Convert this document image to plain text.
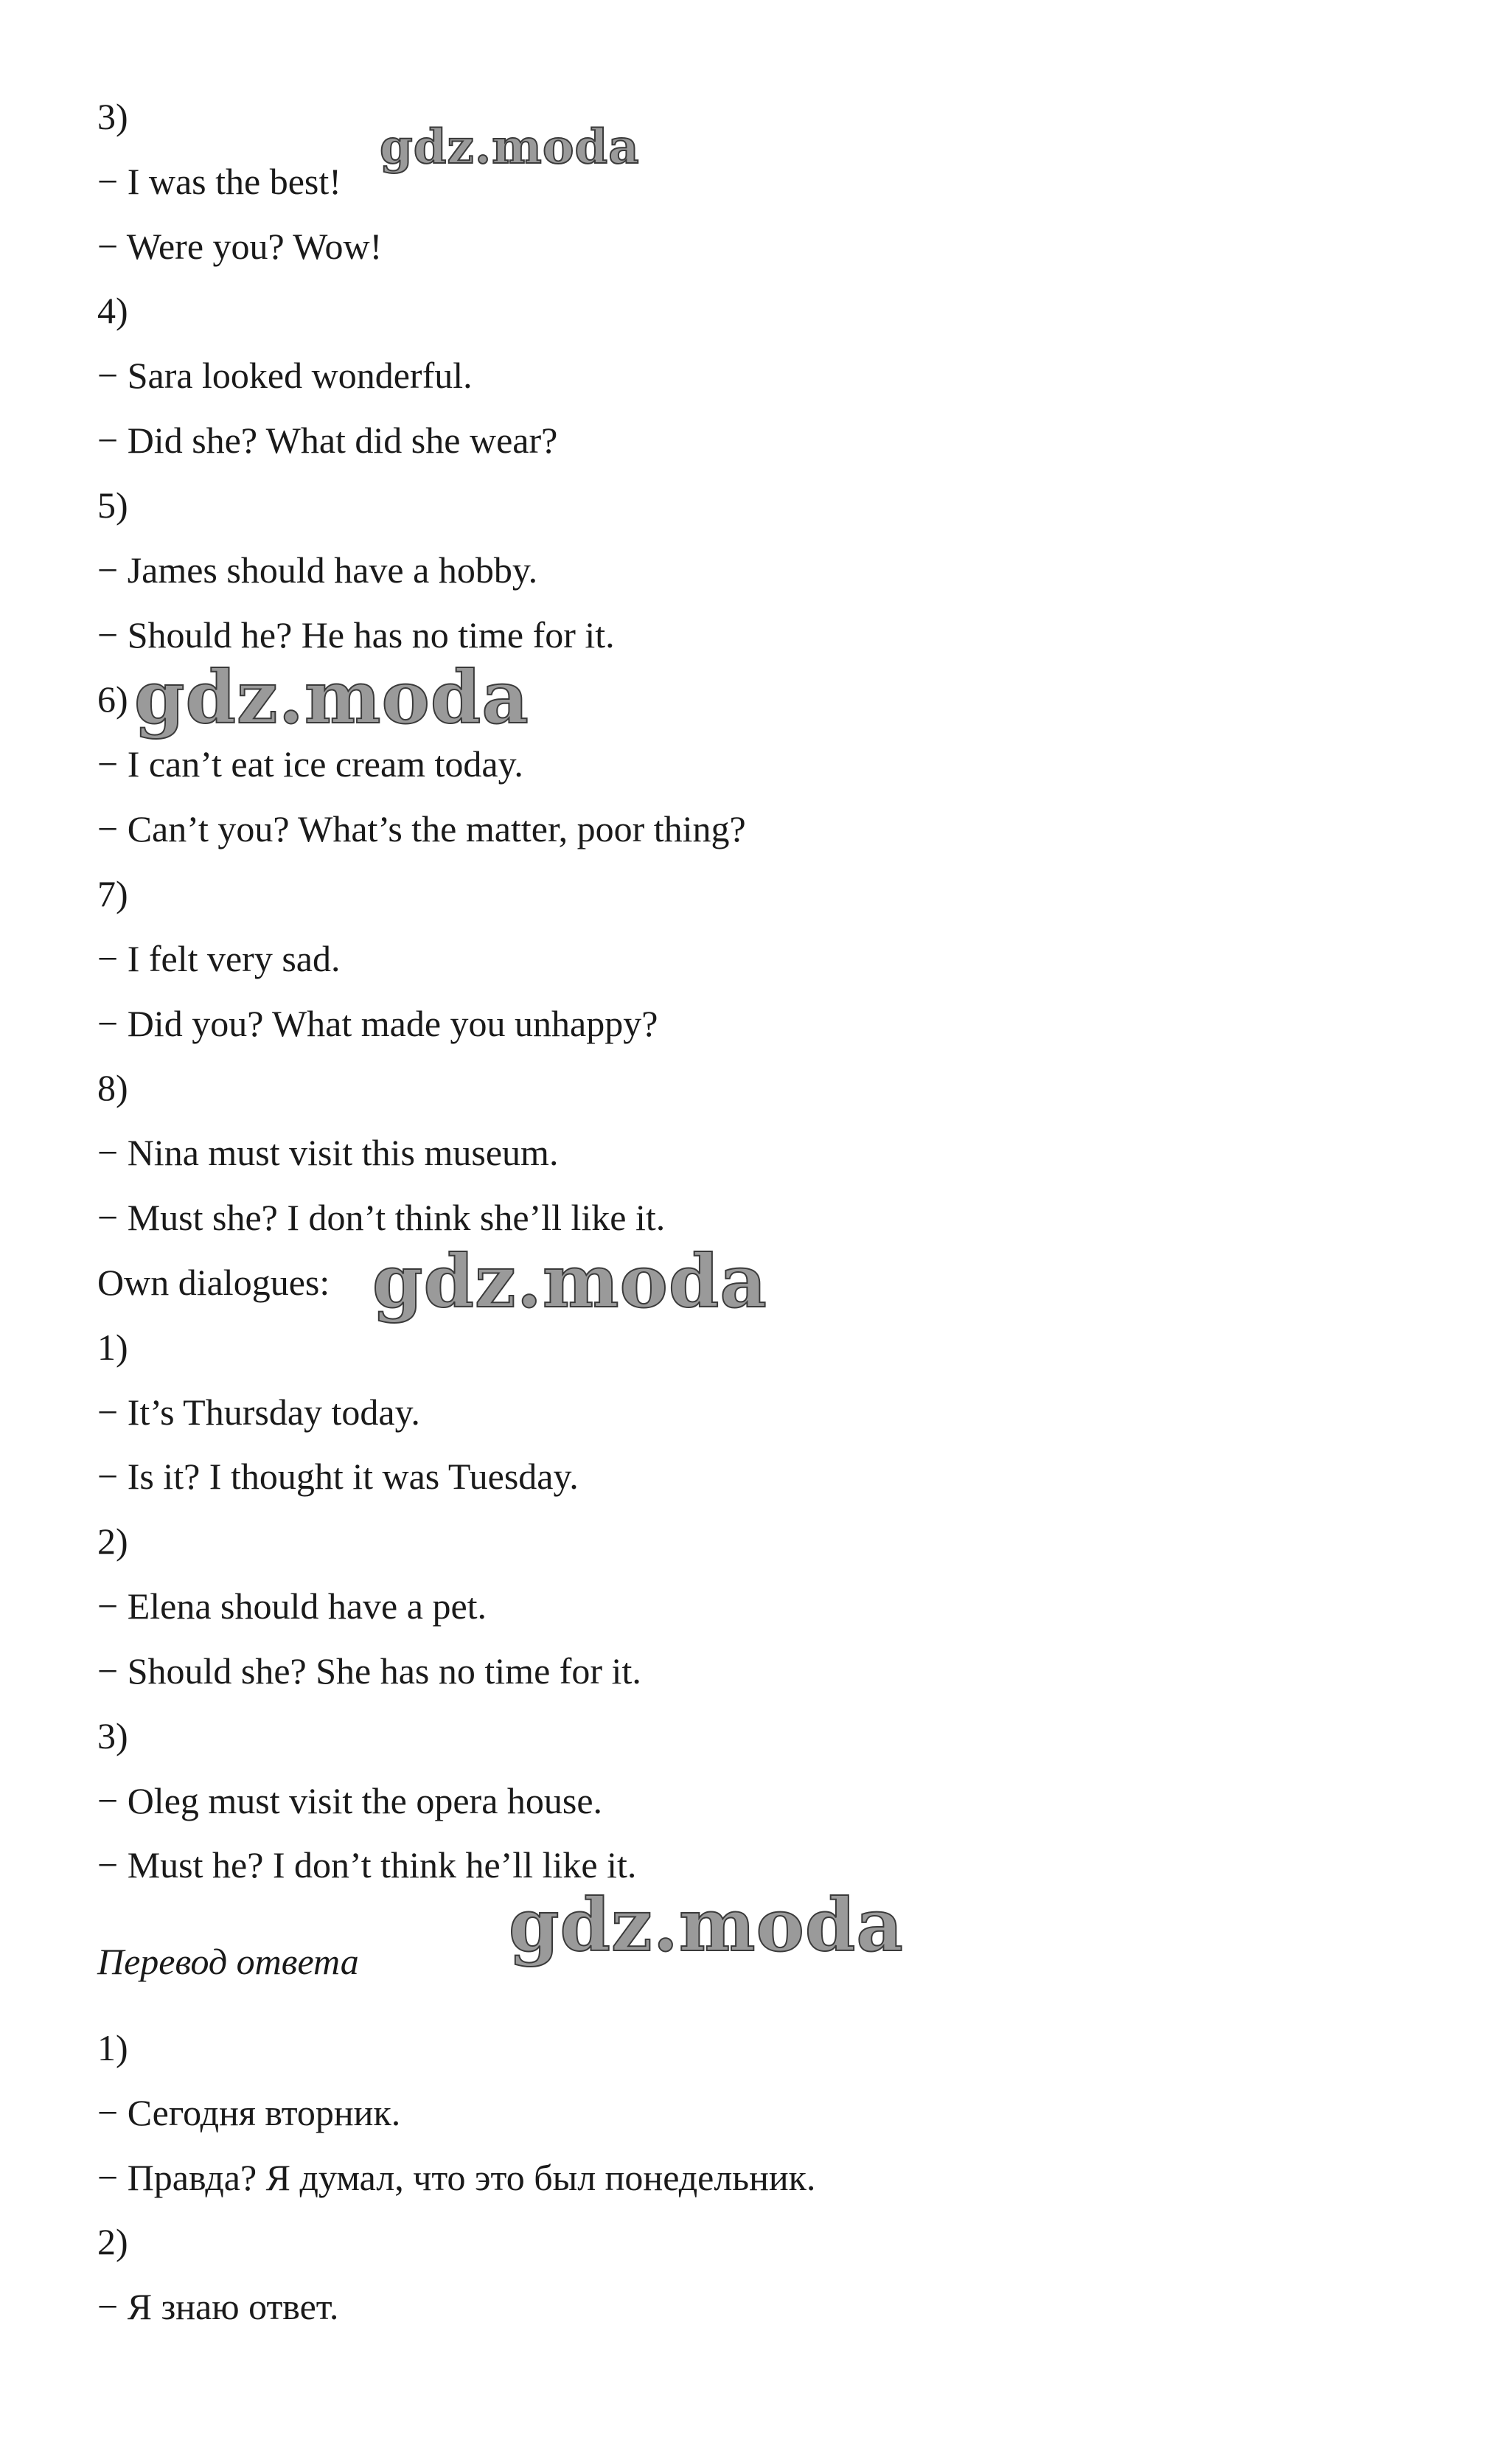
3)
− I was the best!
− Were you? Wow!
4)
− Sara looked wonderful.
− Did she? What did she wear?
5)
− James should have a hobby.
− Should he? He has no time for it.
6)
− I can’t eat ice cream today.
− Can’t you? What’s the matter, poor thing?
7)
− I felt very sad.
− Did you? What made you unhappy?
8)
− Nina must visit this museum.
− Must she? I don’t think she’ll like it.
Own dialogues:
1)
− It’s Thursday today.
− Is it? I thought it was Tuesday.
2)
− Elena should have a pet.
− Should she? She has no time for it.
3)
− Oleg must visit the opera house.
− Must he? I don’t think he’ll like it.
Перевод ответа
1)
− Сегодня вторник.
− Правда? Я думал, что это был понедельник.
2)
− Я знаю ответ.
gdz.moda
gdz.moda
gdz.moda
gdz.moda
